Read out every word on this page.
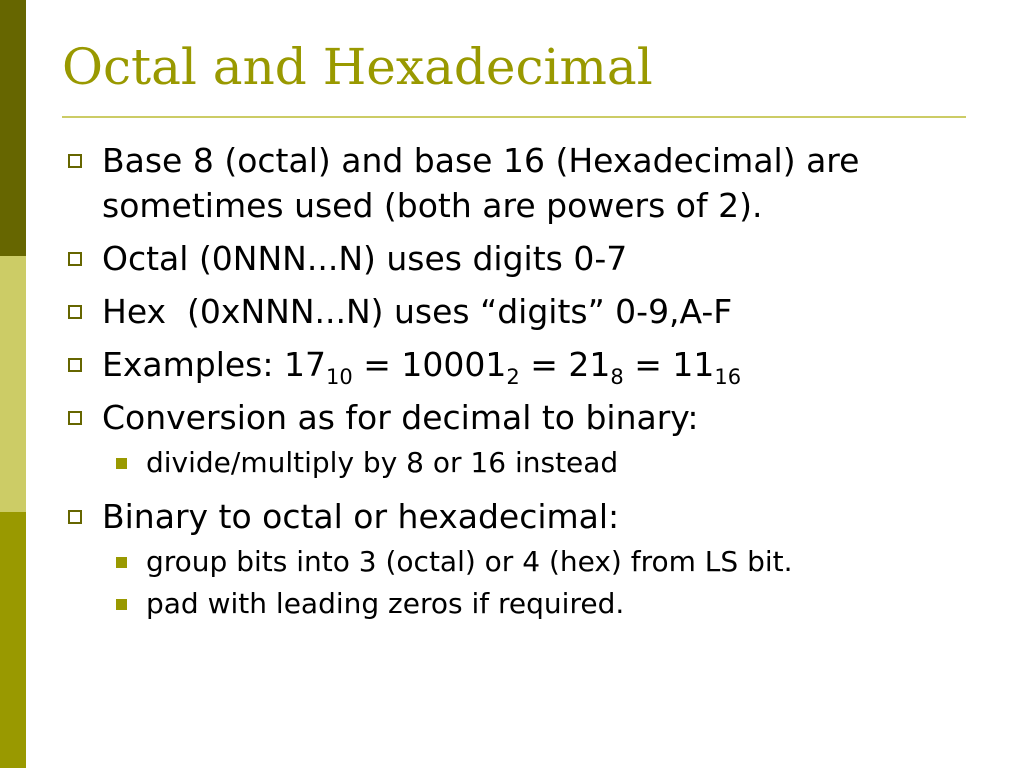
Octal and Hexadecimal
Base 8 (octal) and base 16 (Hexadecimal) are sometimes used (both are powers of 2).
Octal (0NNN...N) uses digits 0-7
Hex  (0xNNN...N) uses “digits” 0-9,A-F
Examples: $17_{10} = 10001_2 = 21_8 = 11_{16}$
Conversion as for decimal to binary:
divide/multiply by 8 or 16 instead
Binary to octal or hexadecimal:
group bits into 3 (octal) or 4 (hex) from LS bit.
pad with leading zeros if required.
